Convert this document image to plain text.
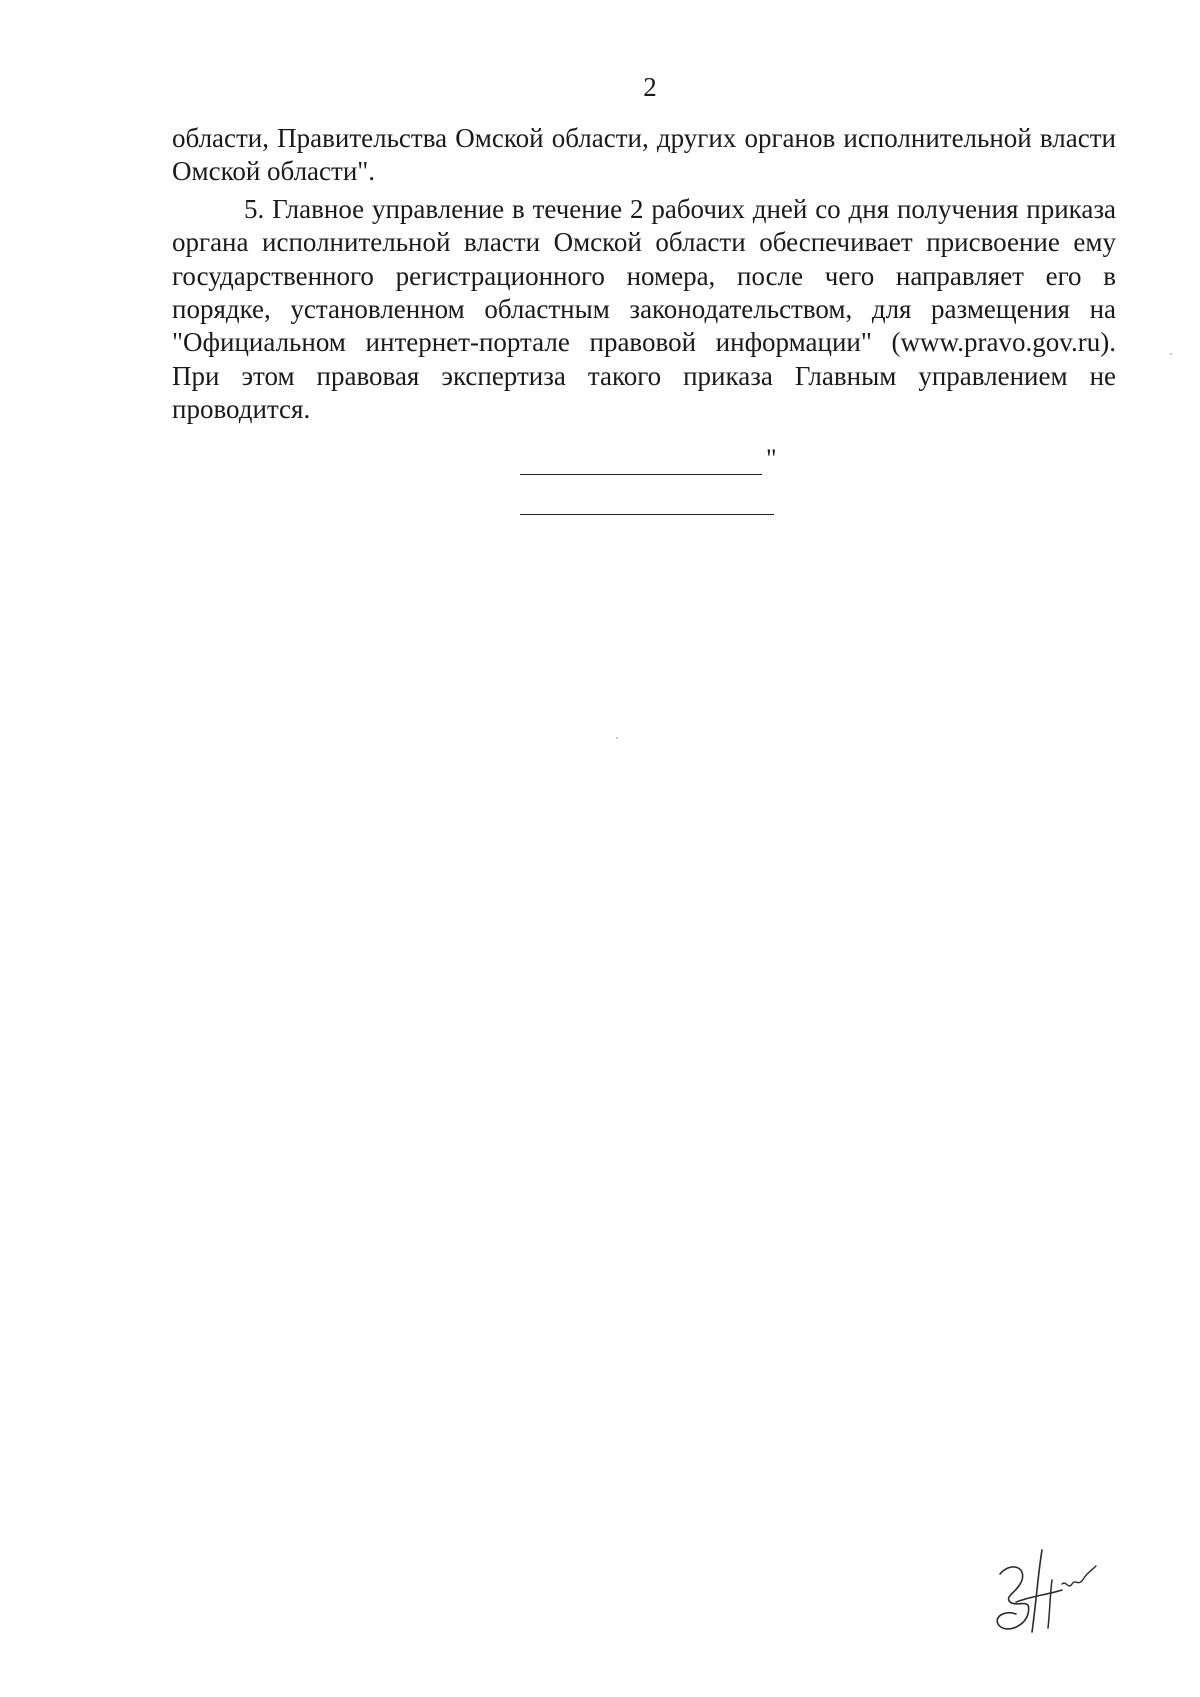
2

области, Правительства Омской области, других органов исполнительной власти Омской области".

5. Главное управление в течение 2 рабочих дней со дня получения приказа органа исполнительной власти Омской области обеспечивает присвоение ему государственного регистрационного номера, после чего направляет его в порядке, установленном областным законодательством, для размещения на "Официальном интернет-портале правовой информации" (www.pravo.gov.ru). При этом правовая экспертиза такого приказа Главным управлением не проводится.

"
